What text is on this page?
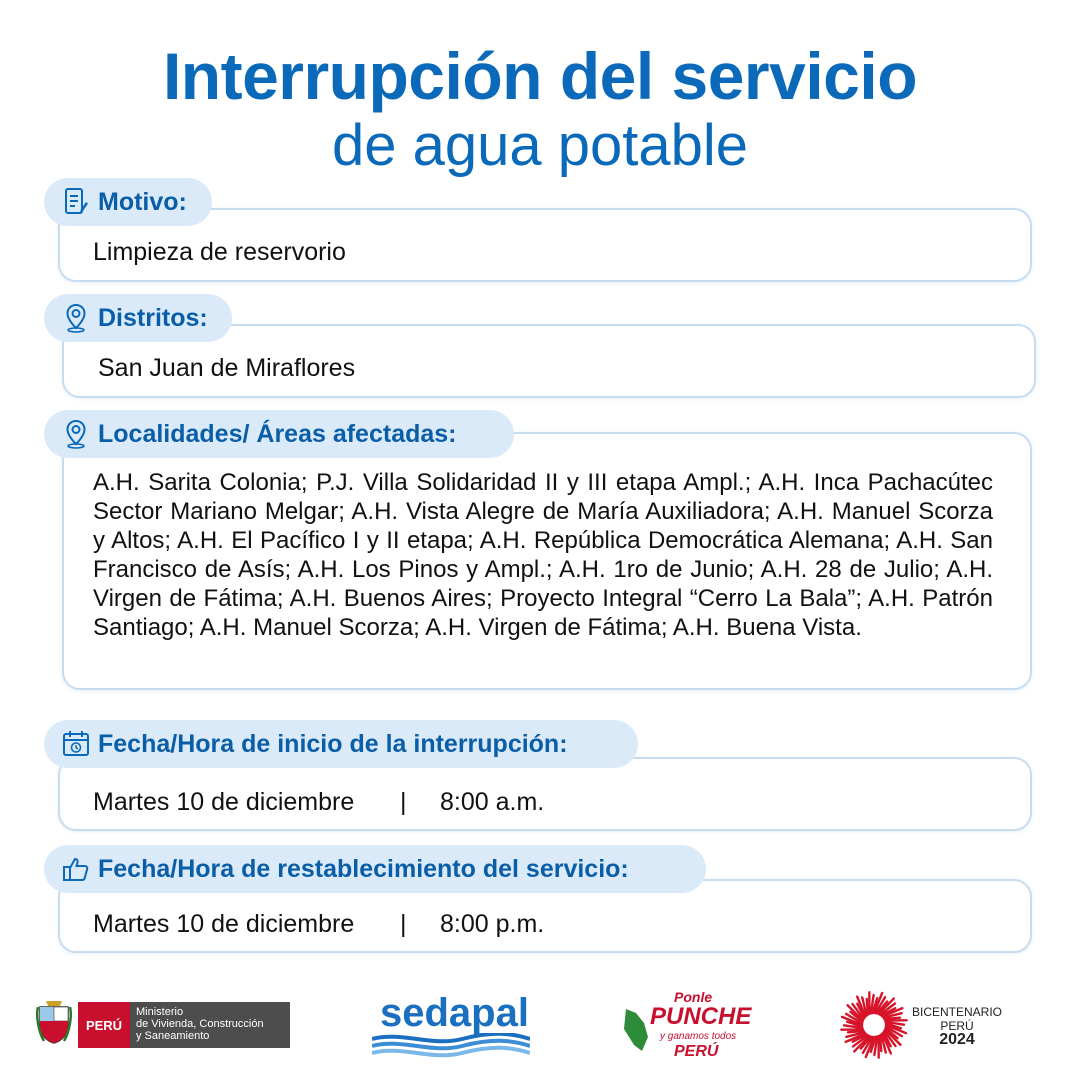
Interrupción del servicio
de agua potable
Motivo:
Limpieza de reservorio
Distritos:
San Juan de Miraflores
Localidades/ Áreas afectadas:
A.H. Sarita Colonia; P.J. Villa Solidaridad II y III etapa Ampl.; A.H. Inca Pachacútec Sector Mariano Melgar; A.H. Vista Alegre de María Auxiliadora; A.H. Manuel Scorza y Altos; A.H. El Pacífico I y II etapa; A.H. República Democrática Alemana; A.H. San Francisco de Asís; A.H. Los Pinos y Ampl.; A.H. 1ro de Junio; A.H. 28 de Julio; A.H. Virgen de Fátima; A.H. Buenos Aires; Proyecto Integral “Cerro La Bala”; A.H. Patrón Santiago; A.H. Manuel Scorza; A.H. Virgen de Fátima; A.H. Buena Vista.
Fecha/Hora de inicio de la interrupción:
Martes 10 de diciembre | 8:00 a.m.
Fecha/Hora de restablecimiento del servicio:
Martes 10 de diciembre | 8:00 p.m.
PERÚ
Ministerio
de Vivienda, Construcción
y Saneamiento
sedapal	Ponle
PUNCHE
y ganamos todos
PERÚ
BICENTENARIO
PERÚ
2024
